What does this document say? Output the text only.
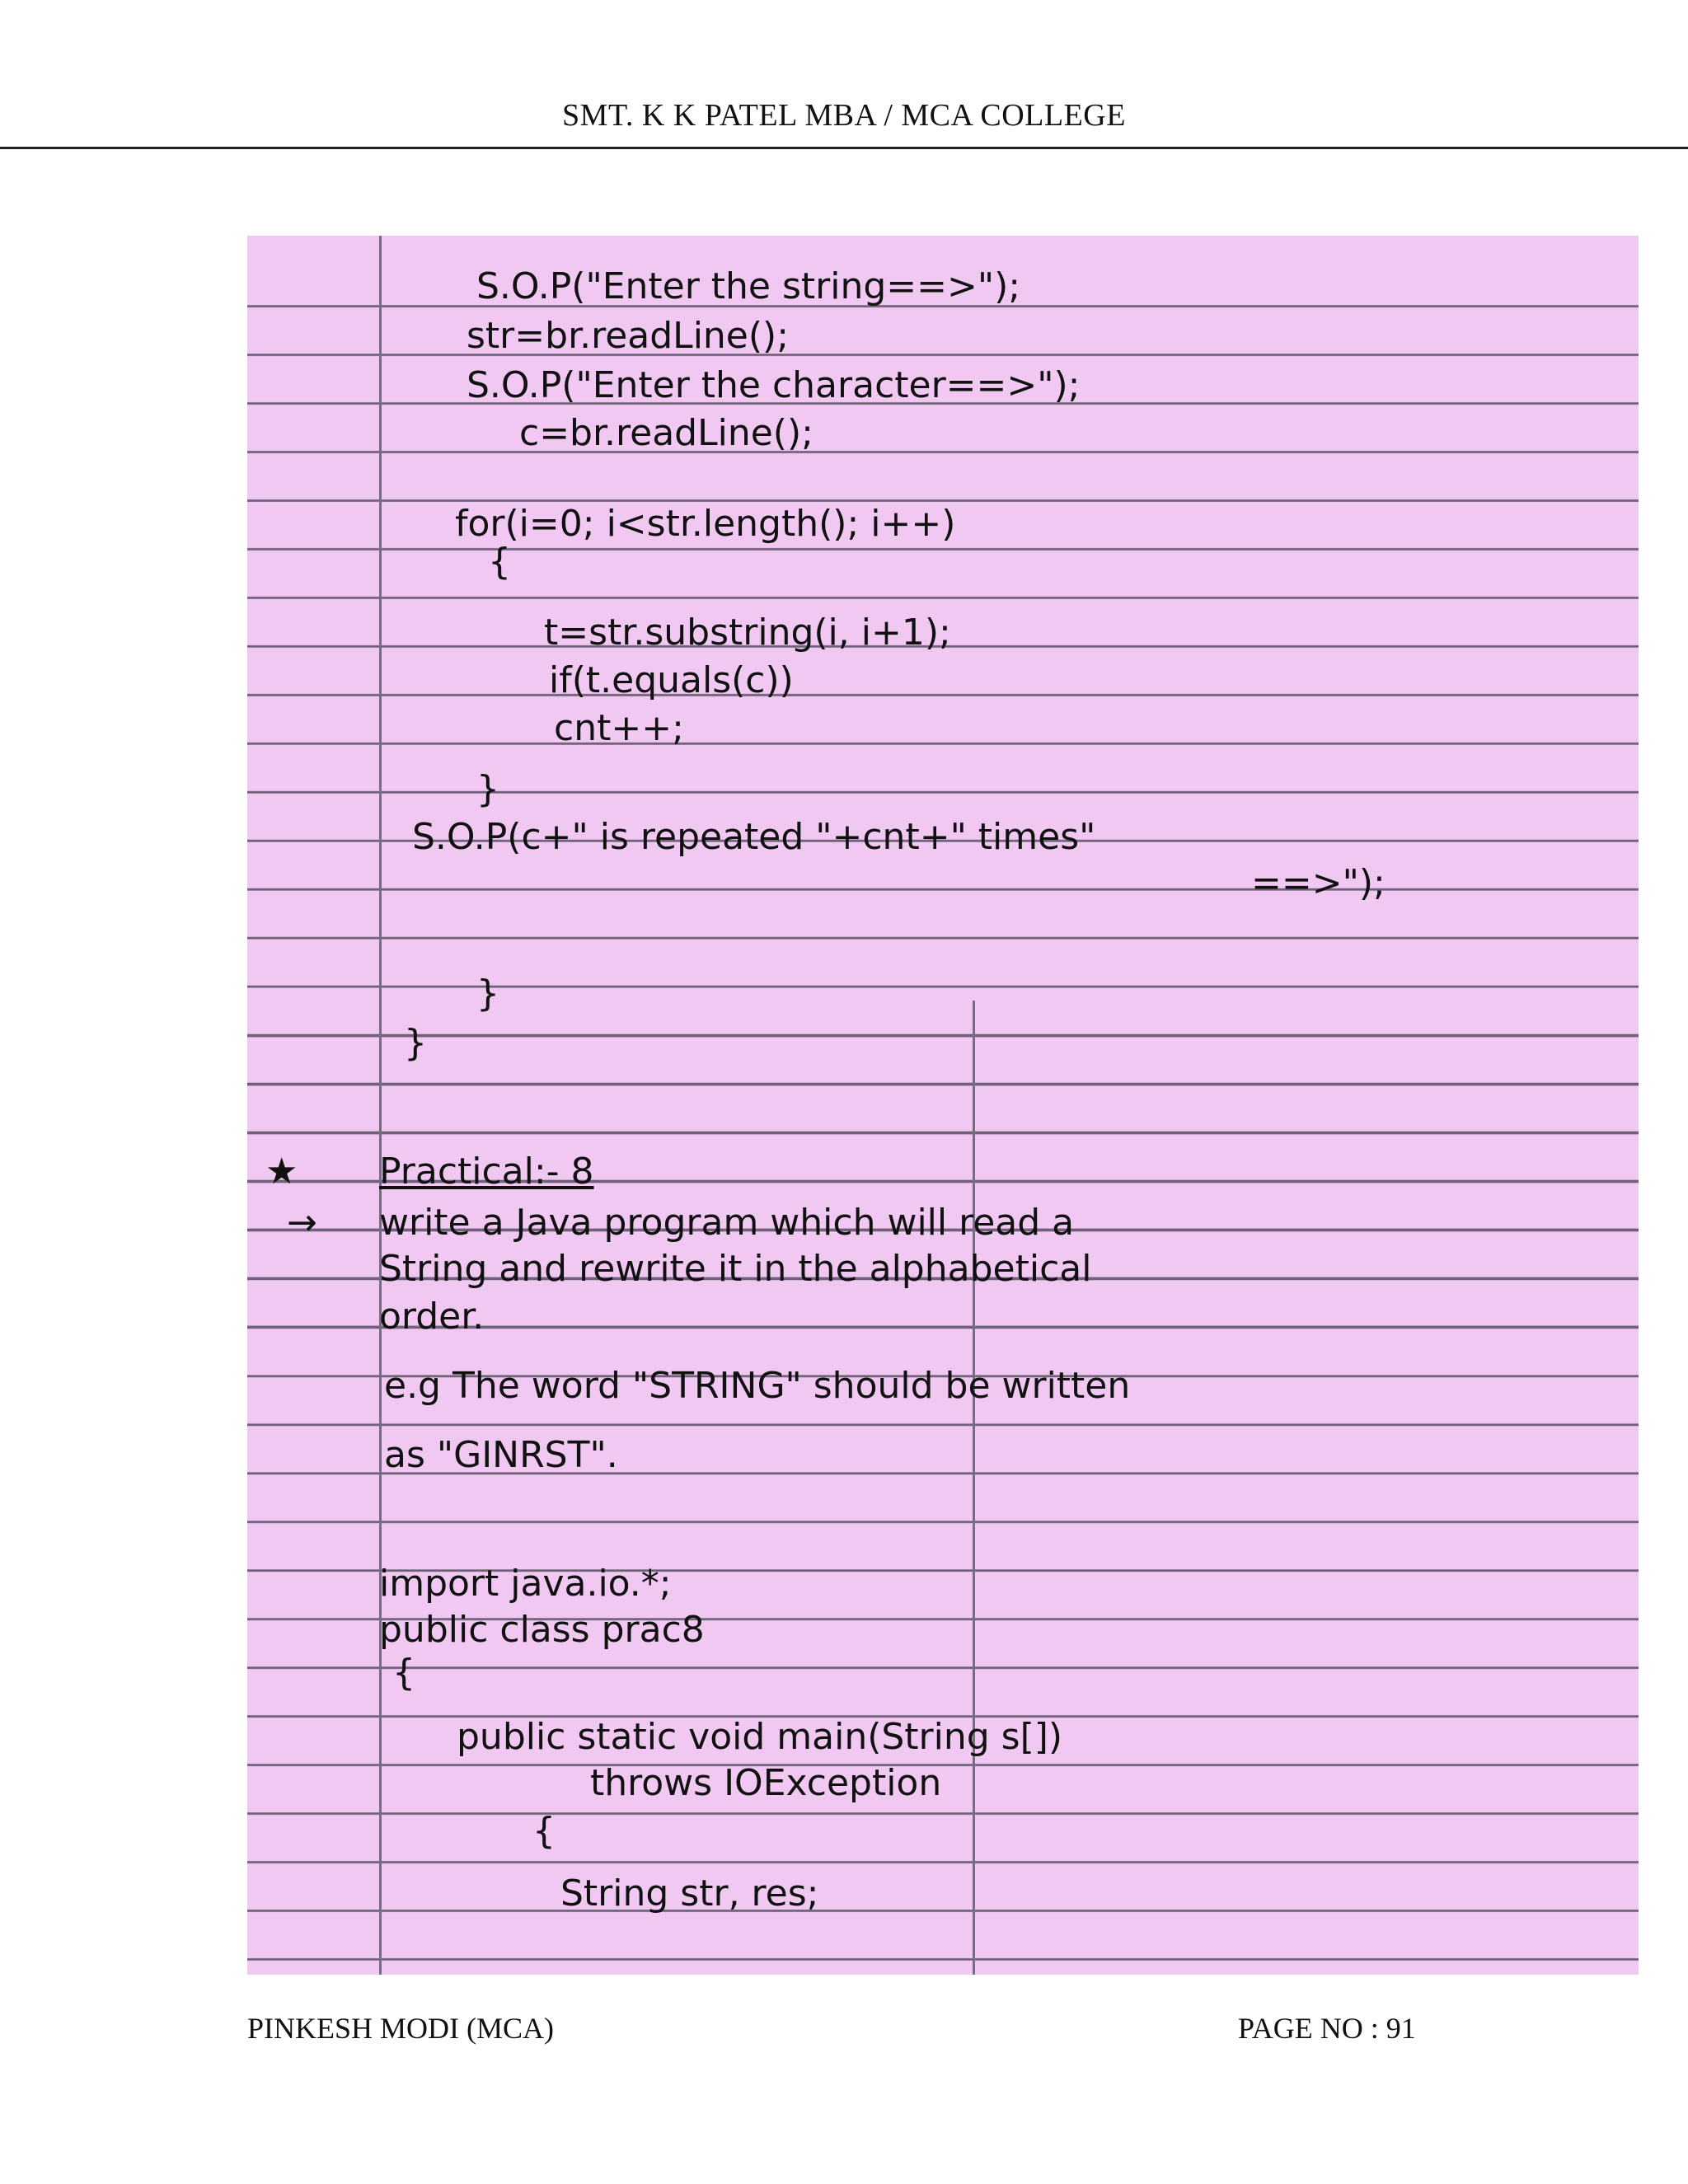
SMT. K K PATEL MBA / MCA COLLEGE
S.O.P("Enter the string==>");
str=br.readLine();
S.O.P("Enter the character==>");
c=br.readLine();
for(i=0; i<str.length(); i++)
{
t=str.substring(i, i+1);
if(t.equals(c))
cnt++;
}
S.O.P(c+" is repeated "+cnt+" times"
==>");
}
}
★ Practical:- 8
→ write a Java program which will read a
String and rewrite it in the alphabetical
order.
e.g The word "STRING" should be written
as "GINRST".
import java.io.*;
public class prac8
{
public static void main(String s[])
throws IOException
{
String str, res;
PINKESH MODI (MCA)	PAGE NO : 91
